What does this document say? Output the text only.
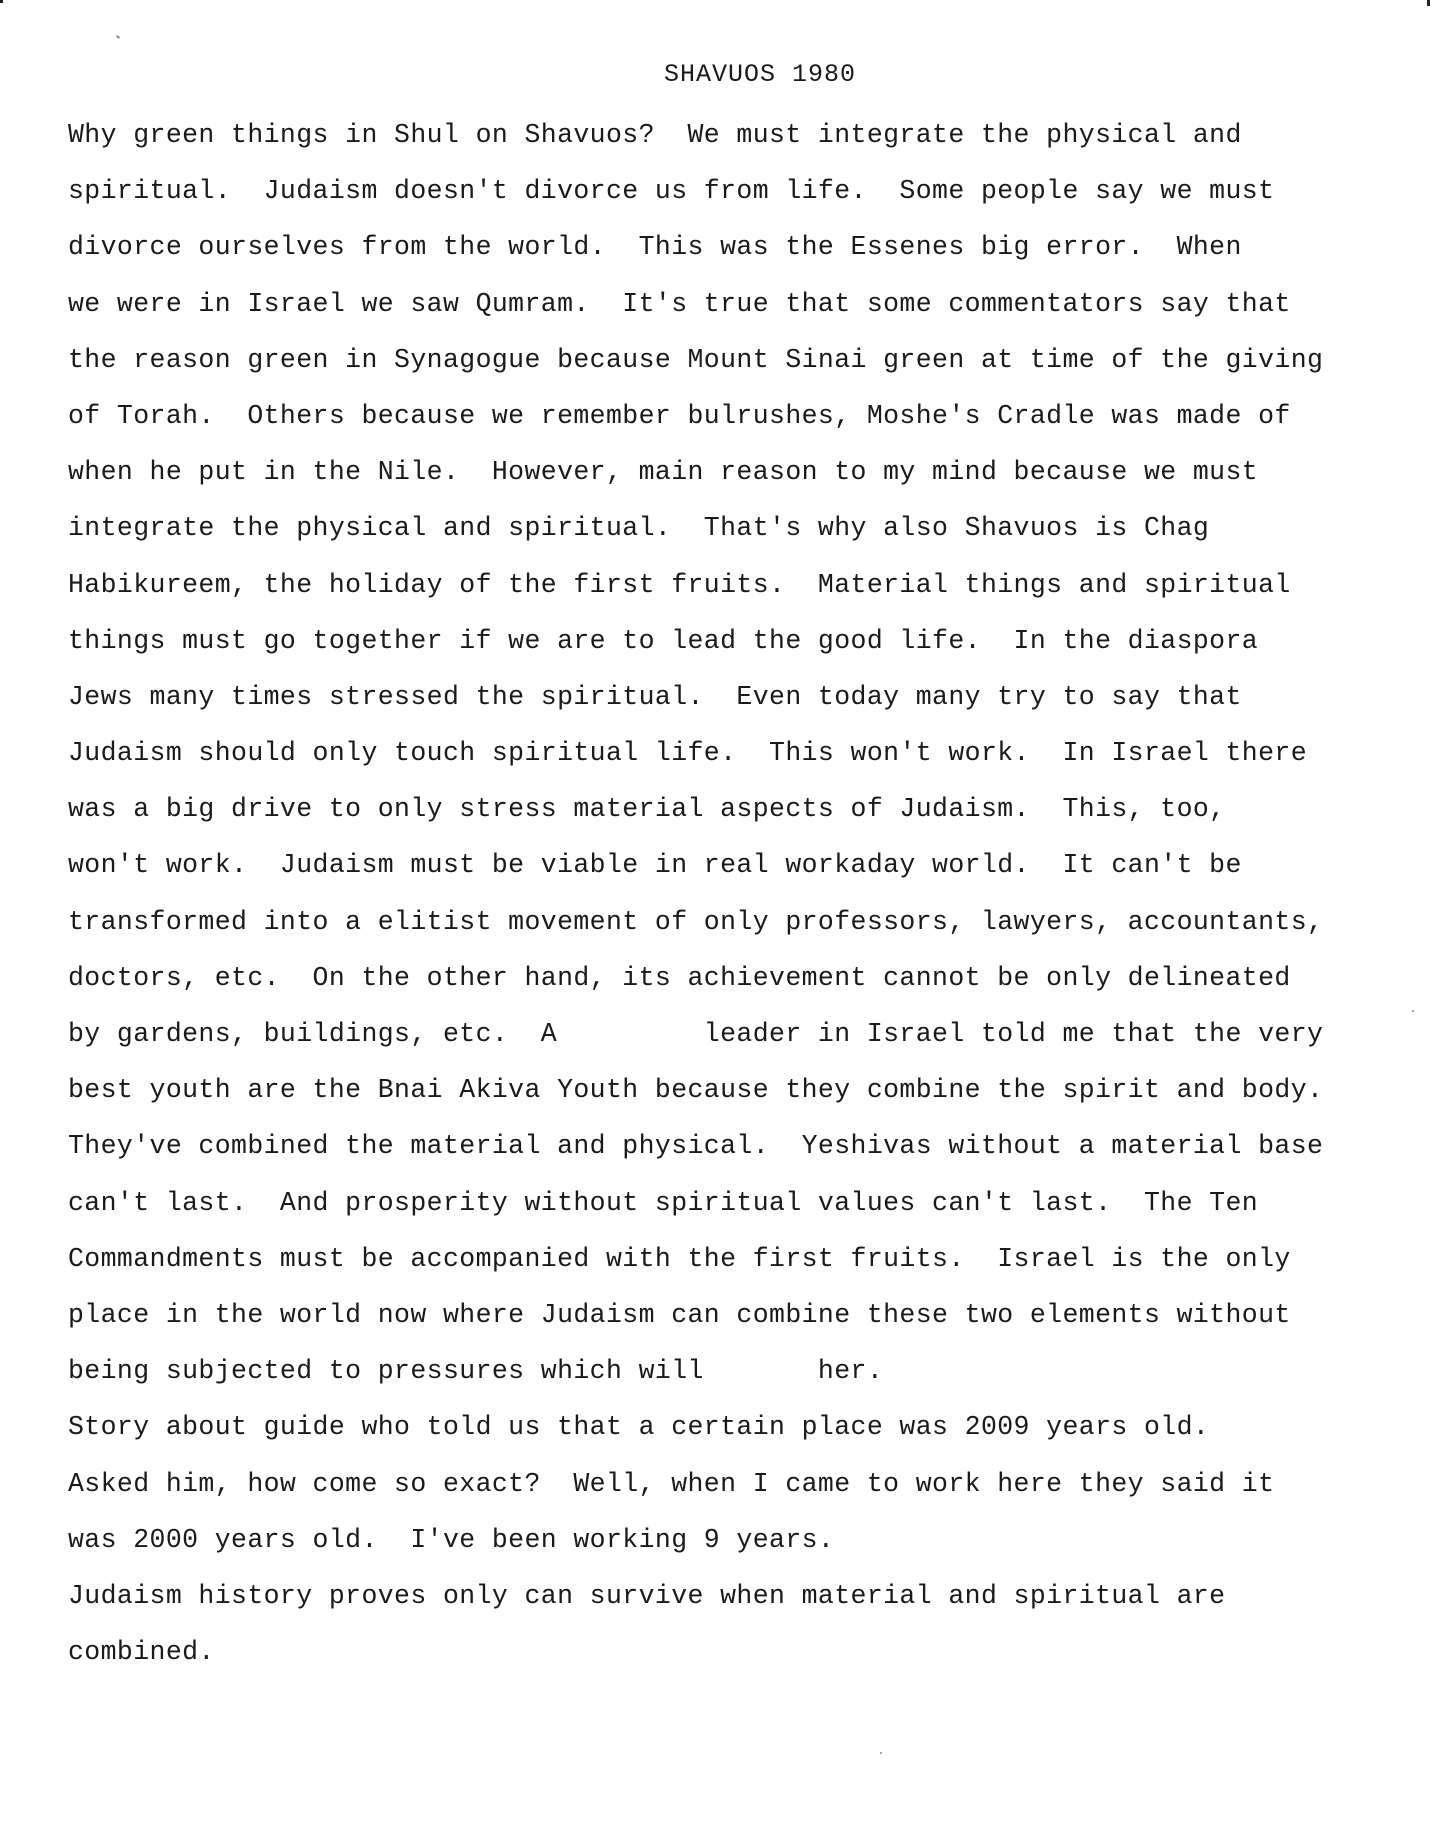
SHAVUOS 1980
Why green things in Shul on Shavuos?  We must integrate the physical and
spiritual.  Judaism doesn't divorce us from life.  Some people say we must
divorce ourselves from the world.  This was the Essenes big error.  When
we were in Israel we saw Qumram.  It's true that some commentators say that
the reason green in Synagogue because Mount Sinai green at time of the giving
of Torah.  Others because we remember bulrushes, Moshe's Cradle was made of
when he put in the Nile.  However, main reason to my mind because we must
integrate the physical and spiritual.  That's why also Shavuos is Chag
Habikureem, the holiday of the first fruits.  Material things and spiritual
things must go together if we are to lead the good life.  In the diaspora
Jews many times stressed the spiritual.  Even today many try to say that
Judaism should only touch spiritual life.  This won't work.  In Israel there
was a big drive to only stress material aspects of Judaism.  This, too,
won't work.  Judaism must be viable in real workaday world.  It can't be
transformed into a elitist movement of only professors, lawyers, accountants,
doctors, etc.  On the other hand, its achievement cannot be only delineated
by gardens, buildings, etc.  A         leader in Israel told me that the very
best youth are the Bnai Akiva Youth because they combine the spirit and body.
They've combined the material and physical.  Yeshivas without a material base
can't last.  And prosperity without spiritual values can't last.  The Ten
Commandments must be accompanied with the first fruits.  Israel is the only
place in the world now where Judaism can combine these two elements without
being subjected to pressures which will       her.
Story about guide who told us that a certain place was 2009 years old.
Asked him, how come so exact?  Well, when I came to work here they said it
was 2000 years old.  I've been working 9 years.
Judaism history proves only can survive when material and spiritual are
combined.
